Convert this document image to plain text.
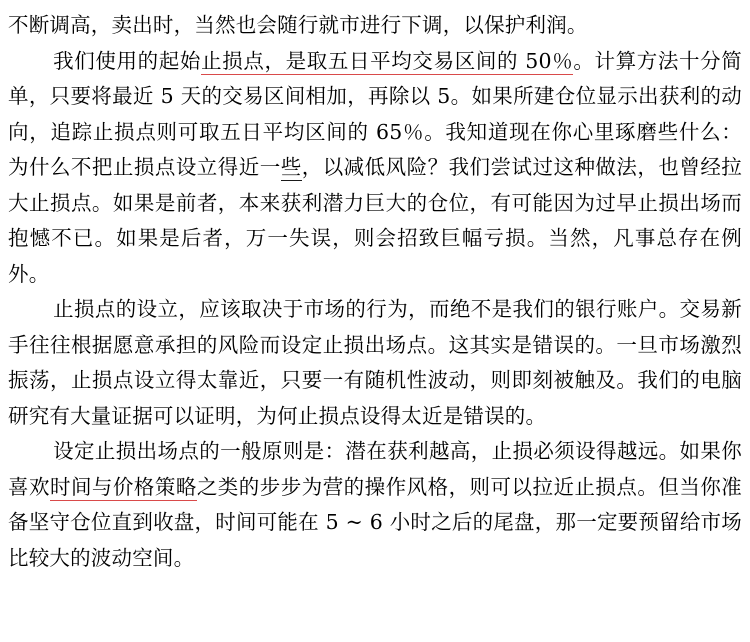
不断调高，卖出时，当然也会随行就市进行下调，以保护利润。
我们使用的起始止损点，是取五日平均交易区间的 50％。计算方法十分简单，只要将最近 5 天的交易区间相加，再除以 5。如果所建仓位显示出获利的动向，追踪止损点则可取五日平均区间的 65％。我知道现在你心里琢磨些什么：为什么不把止损点设立得近一些，以减低风险？我们尝试过这种做法，也曾经拉大止损点。如果是前者，本来获利潜力巨大的仓位，有可能因为过早止损出场而抱憾不已。如果是后者，万一失误，则会招致巨幅亏损。当然，凡事总存在例外。
止损点的设立，应该取决于市场的行为，而绝不是我们的银行账户。交易新手往往根据愿意承担的风险而设定止损出场点。这其实是错误的。一旦市场激烈振荡，止损点设立得太靠近，只要一有随机性波动，则即刻被触及。我们的电脑研究有大量证据可以证明，为何止损点设得太近是错误的。
设定止损出场点的一般原则是：潜在获利越高，止损必须设得越远。如果你喜欢时间与价格策略之类的步步为营的操作风格，则可以拉近止损点。但当你准备坚守仓位直到收盘，时间可能在 5 ~ 6 小时之后的尾盘，那一定要预留给市场比较大的波动空间。
